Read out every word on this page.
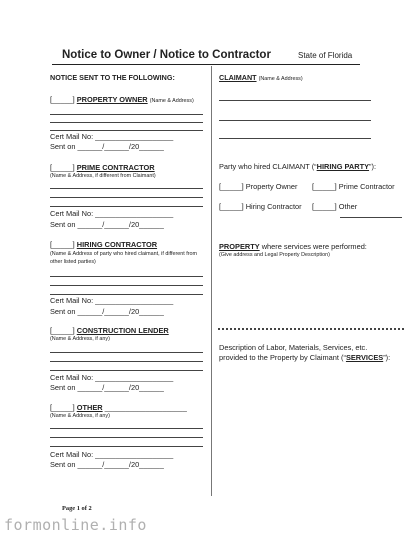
Notice to Owner / Notice to Contractor	State of Florida
NOTICE SENT TO THE FOLLOWING:
[_____] PROPERTY OWNER (Name & Address)
Cert Mail No: ___________________
Sent on ______/______/20______
[_____] PRIME CONTRACTOR
(Name & Address, if different from Claimant)
Cert Mail No: ___________________
Sent on ______/______/20______
[_____] HIRING CONTRACTOR
(Name & Address of party who hired claimant, if different from other listed parties)
Cert Mail No: ___________________
Sent on ______/______/20______
[_____] CONSTRUCTION LENDER
(Name & Address, if any)
Cert Mail No: ___________________
Sent on ______/______/20______
[_____] OTHER ____________________
(Name & Address, if any)
Cert Mail No: ___________________
Sent on ______/______/20______
CLAIMANT (Name & Address)
Party who hired CLAIMANT (“HIRING PARTY”):
[_____] Property Owner [_____] Prime Contractor
[_____] Hiring Contractor [_____] Other
PROPERTY where services were performed:
(Give address and Legal Property Description)
Description of Labor, Materials, Services, etc.
provided to the Property by Claimant (“SERVICES”):
Page 1 of 2
formonline.info
